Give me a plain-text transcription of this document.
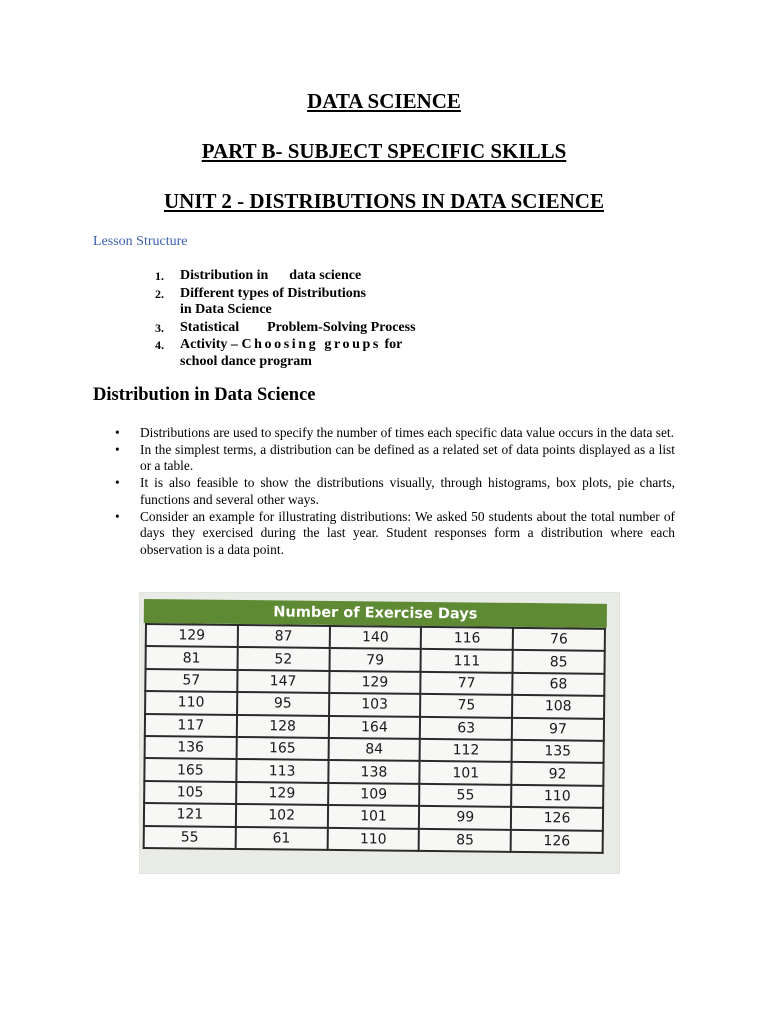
DATA SCIENCE
PART B- SUBJECT SPECIFIC SKILLS
UNIT 2 - DISTRIBUTIONS IN DATA SCIENCE

Lesson Structure

1. Distribution in      data science
2. Different types of Distributions
in Data Science
3. Statistical        Problem-Solving Process
4. Activity – Choosing groups for
school dance program
Distribution in Data Science
• Distributions are used to specify the number of times each specific data value occurs in the data set.
• In the simplest terms, a distribution can be defined as a related set of data points displayed as a list or a table.
• It is also feasible to show the distributions visually, through histograms, box plots, pie charts, functions and several other ways.
• Consider an example for illustrating distributions: We asked 50 students about the total number of days they exercised during the last year. Student responses form a distribution where each observation is a data point.
Number of Exercise Days
129	87	140	116	76
81	52	79	111	85
57	147	129	77	68
110	95	103	75	108
117	128	164	63	97
136	165	84	112	135
165	113	138	101	92
105	129	109	55	110
121	102	101	99	126
55	61	110	85	126
